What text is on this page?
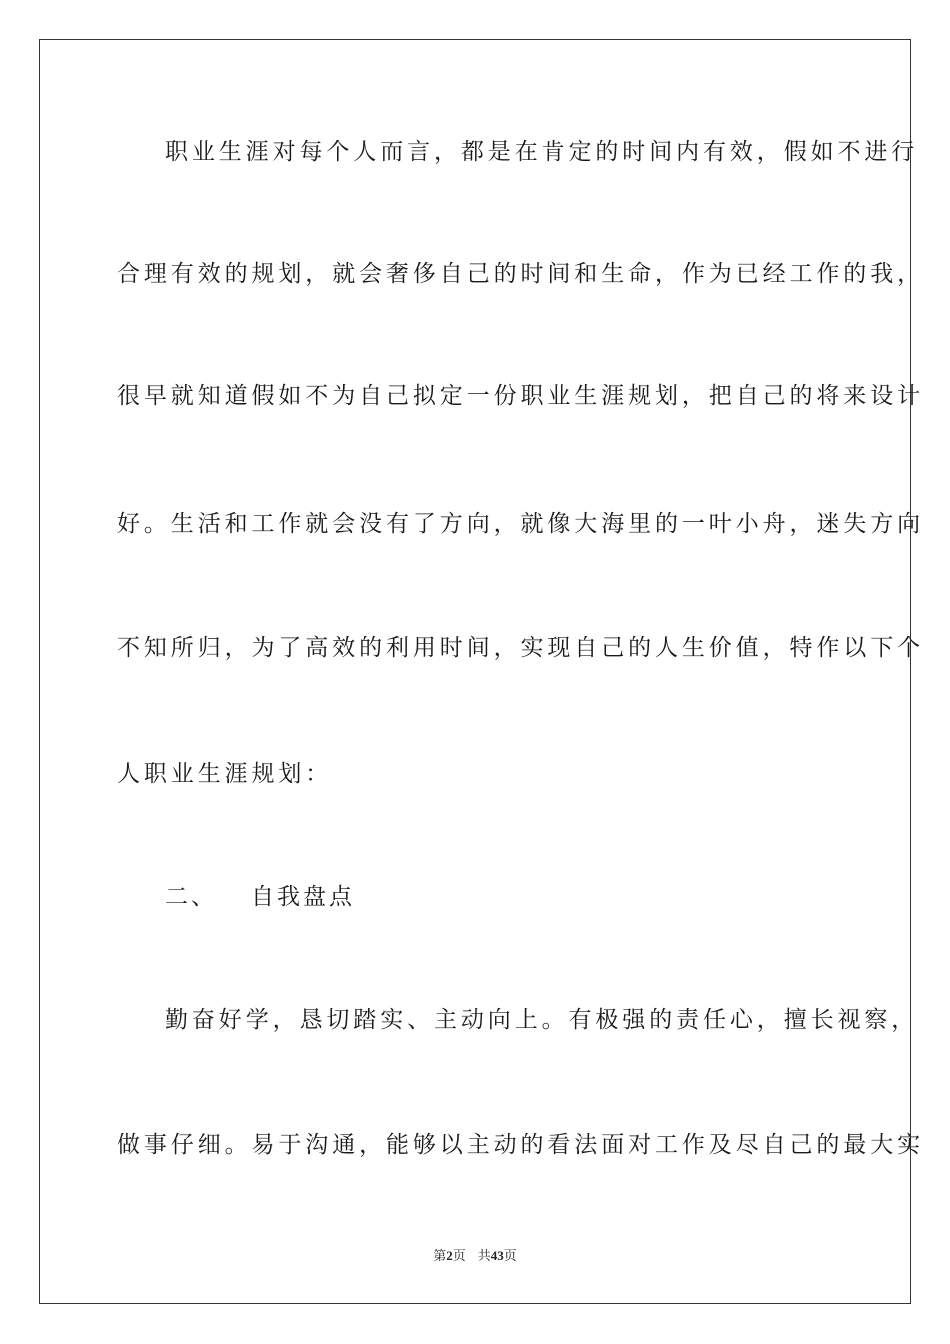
职业生涯对每个人而言，都是在肯定的时间内有效，假如不进行

合理有效的规划，就会奢侈自己的时间和生命，作为已经工作的我，

很早就知道假如不为自己拟定一份职业生涯规划，把自己的将来设计

好。生活和工作就会没有了方向，就像大海里的一叶小舟，迷失方向

不知所归，为了高效的利用时间，实现自己的人生价值，特作以下个

人职业生涯规划：

二、 自我盘点

勤奋好学，恳切踏实、主动向上。有极强的责任心，擅长视察，

做事仔细。易于沟通，能够以主动的看法面对工作及尽自己的最大实

第2页 共43页
